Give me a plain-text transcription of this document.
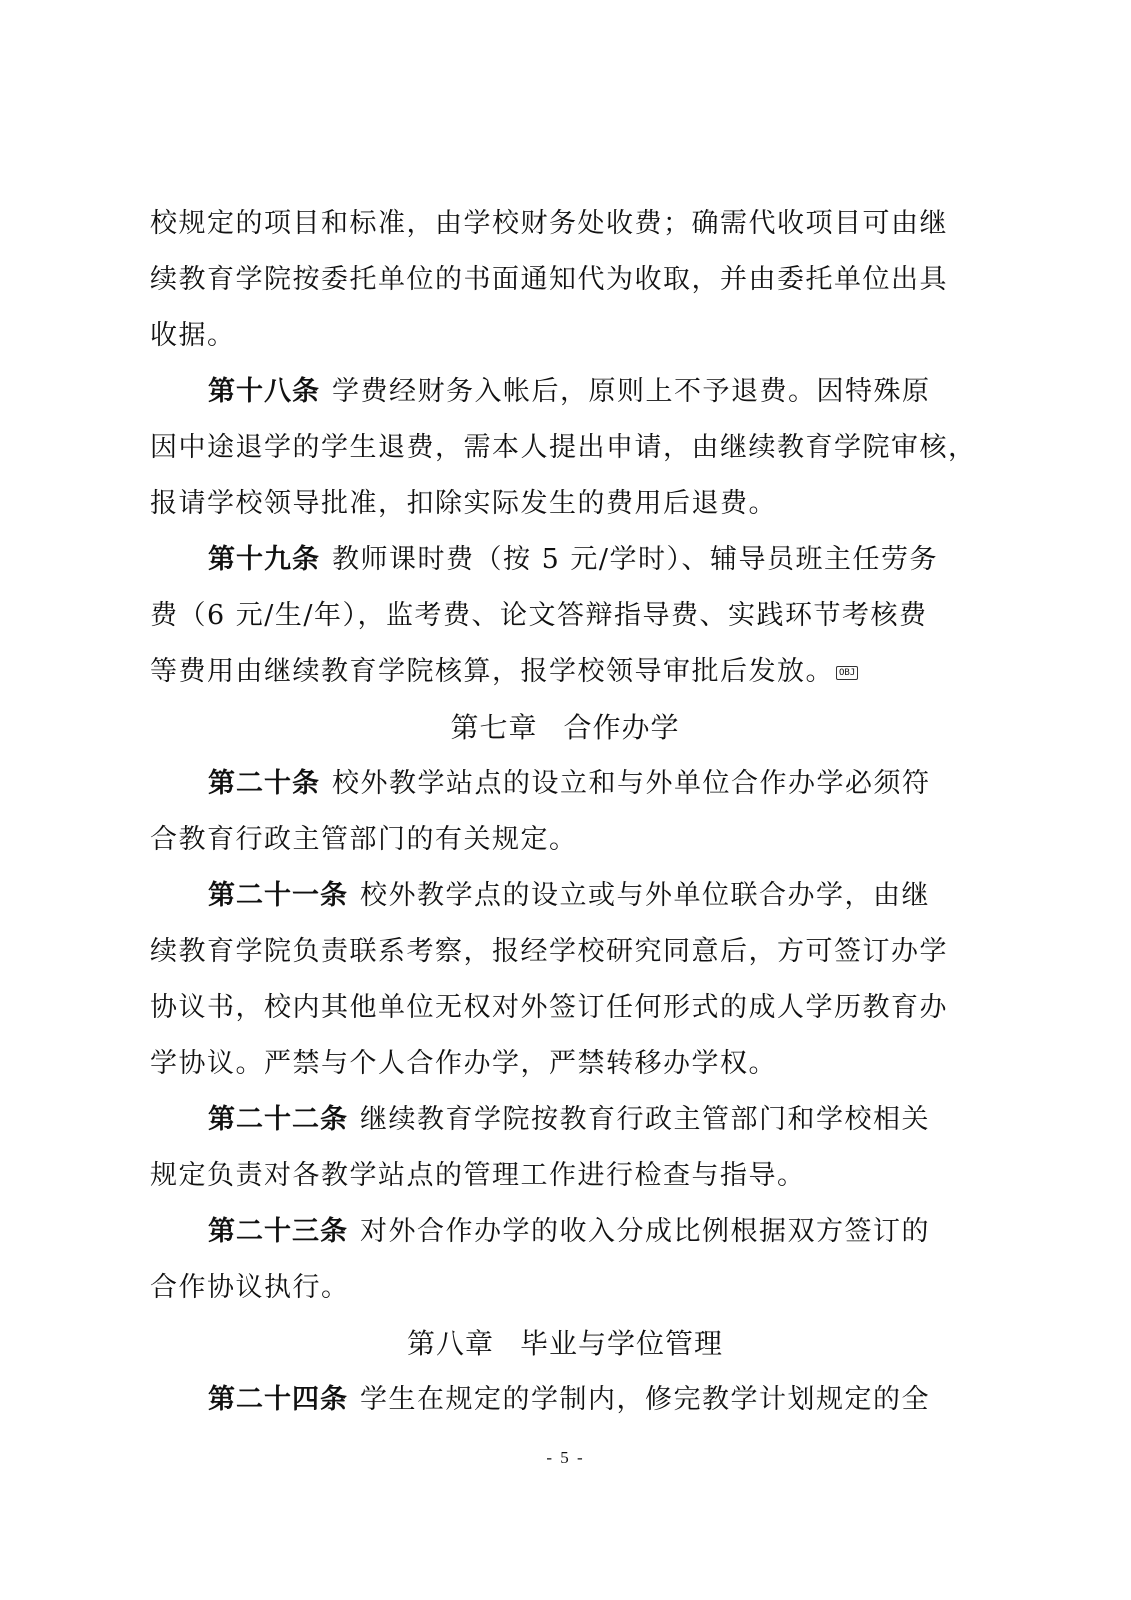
校规定的项目和标准，由学校财务处收费；确需代收项目可由继
续教育学院按委托单位的书面通知代为收取，并由委托单位出具
收据。
第十八条 学费经财务入帐后，原则上不予退费。因特殊原
因中途退学的学生退费，需本人提出申请，由继续教育学院审核，
报请学校领导批准，扣除实际发生的费用后退费。
第十九条 教师课时费（按 5 元/学时）、辅导员班主任劳务
费（6 元/生/年），监考费、论文答辩指导费、实践环节考核费
等费用由继续教育学院核算，报学校领导审批后发放。 OBJ
第七章 合作办学
第二十条 校外教学站点的设立和与外单位合作办学必须符
合教育行政主管部门的有关规定。
第二十一条 校外教学点的设立或与外单位联合办学，由继
续教育学院负责联系考察，报经学校研究同意后，方可签订办学
协议书，校内其他单位无权对外签订任何形式的成人学历教育办
学协议。严禁与个人合作办学，严禁转移办学权。
第二十二条 继续教育学院按教育行政主管部门和学校相关
规定负责对各教学站点的管理工作进行检查与指导。
第二十三条 对外合作办学的收入分成比例根据双方签订的
合作协议执行。
第八章 毕业与学位管理
第二十四条 学生在规定的学制内，修完教学计划规定的全
- 5 -
